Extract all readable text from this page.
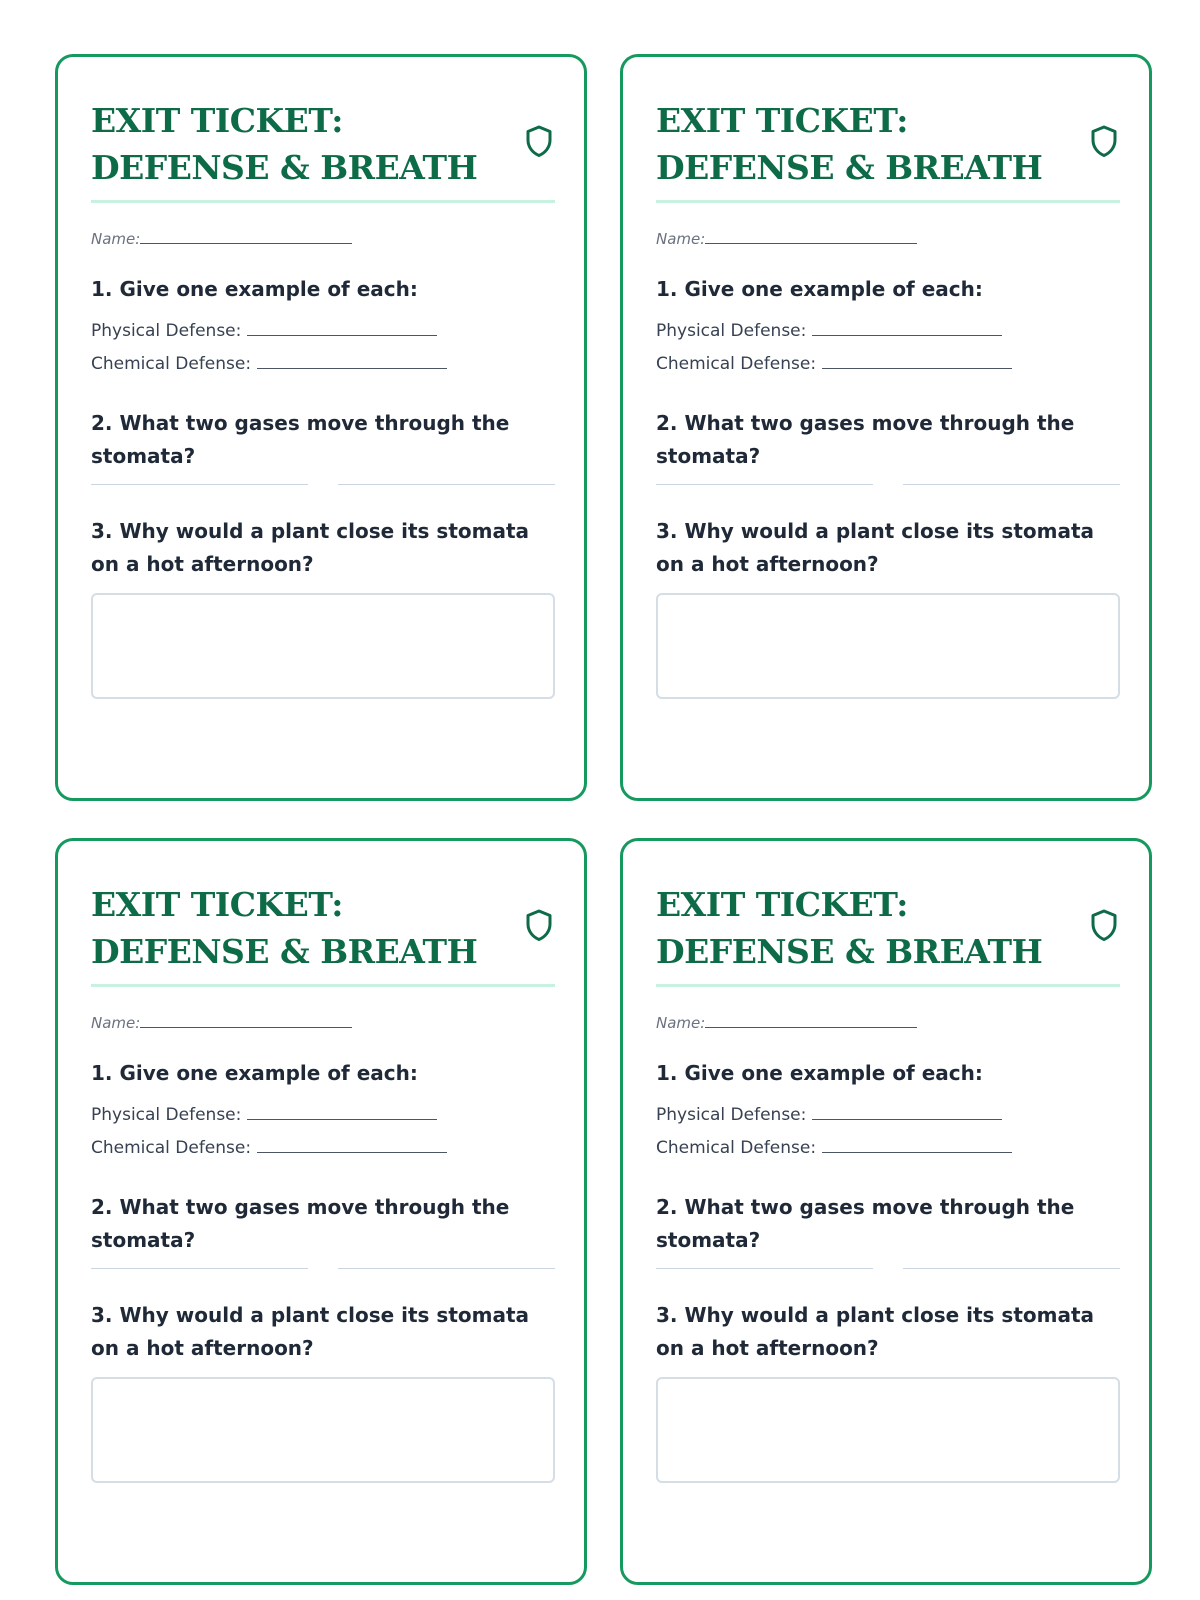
EXIT TICKET: DEFENSE & BREATH
Name:

1. Give one example of each:

Physical Defense:
Chemical Defense:

2. What two gases move through the stomata?

3. Why would a plant close its stomata on a hot afternoon?

EXIT TICKET: DEFENSE & BREATH
Name:

1. Give one example of each:

Physical Defense:
Chemical Defense:

2. What two gases move through the stomata?

3. Why would a plant close its stomata on a hot afternoon?

EXIT TICKET: DEFENSE & BREATH
Name:

1. Give one example of each:

Physical Defense:
Chemical Defense:

2. What two gases move through the stomata?

3. Why would a plant close its stomata on a hot afternoon?

EXIT TICKET: DEFENSE & BREATH
Name:

1. Give one example of each:

Physical Defense:
Chemical Defense:

2. What two gases move through the stomata?

3. Why would a plant close its stomata on a hot afternoon?
